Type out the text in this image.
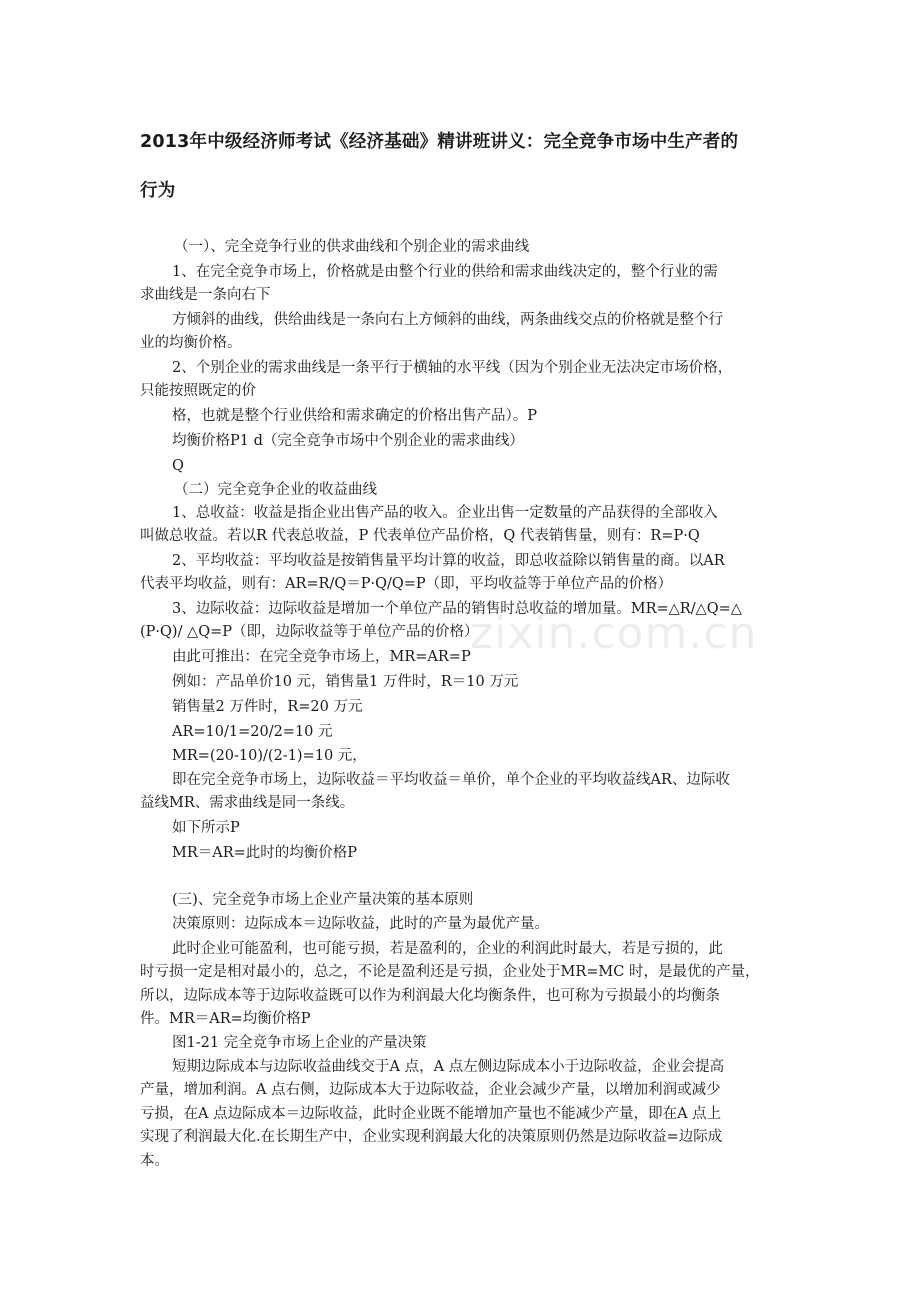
2013年中级经济师考试《经济基础》精讲班讲义：完全竞争市场中生产者的
行为
（一）、完全竞争行业的供求曲线和个别企业的需求曲线
1、在完全竞争市场上，价格就是由整个行业的供给和需求曲线决定的，整个行业的需
求曲线是一条向右下
方倾斜的曲线，供给曲线是一条向右上方倾斜的曲线，两条曲线交点的价格就是整个行
业的均衡价格。
2、个别企业的需求曲线是一条平行于横轴的水平线（因为个别企业无法决定市场价格，
只能按照既定的价
格，也就是整个行业供给和需求确定的价格出售产品）。P
均衡价格P1 d（完全竞争市场中个别企业的需求曲线）
Q
（二）完全竞争企业的收益曲线
1、总收益：收益是指企业出售产品的收入。企业出售一定数量的产品获得的全部收入
叫做总收益。若以R 代表总收益，P 代表单位产品价格，Q 代表销售量，则有：R=P·Q
2、平均收益：平均收益是按销售量平均计算的收益，即总收益除以销售量的商。以AR
代表平均收益，则有：AR=R/Q＝P·Q/Q=P（即，平均收益等于单位产品的价格）
3、边际收益：边际收益是增加一个单位产品的销售时总收益的增加量。MR=△R/△Q=△
(P·Q)/ △Q=P（即，边际收益等于单位产品的价格）
由此可推出：在完全竞争市场上，MR=AR=P
例如：产品单价10 元，销售量1 万件时，R＝10 万元
销售量2 万件时，R=20 万元
AR=10/1=20/2=10 元
MR=(20-10)/(2-1)=10 元，
即在完全竞争市场上，边际收益＝平均收益＝单价，单个企业的平均收益线AR、边际收
益线MR、需求曲线是同一条线。
如下所示P
MR＝AR=此时的均衡价格P
(三)、完全竞争市场上企业产量决策的基本原则
决策原则：边际成本＝边际收益，此时的产量为最优产量。
此时企业可能盈利，也可能亏损，若是盈利的，企业的利润此时最大，若是亏损的，此
时亏损一定是相对最小的，总之，不论是盈利还是亏损，企业处于MR=MC 时，是最优的产量，
所以，边际成本等于边际收益既可以作为利润最大化均衡条件，也可称为亏损最小的均衡条
件。MR＝AR=均衡价格P
图1-21 完全竞争市场上企业的产量决策
短期边际成本与边际收益曲线交于A 点，A 点左侧边际成本小于边际收益，企业会提高
产量，增加利润。A 点右侧，边际成本大于边际收益，企业会减少产量，以增加利润或减少
亏损，在A 点边际成本＝边际收益，此时企业既不能增加产量也不能减少产量，即在A 点上
实现了利润最大化.在长期生产中，企业实现利润最大化的决策原则仍然是边际收益=边际成
本。
zixin.com.cn
